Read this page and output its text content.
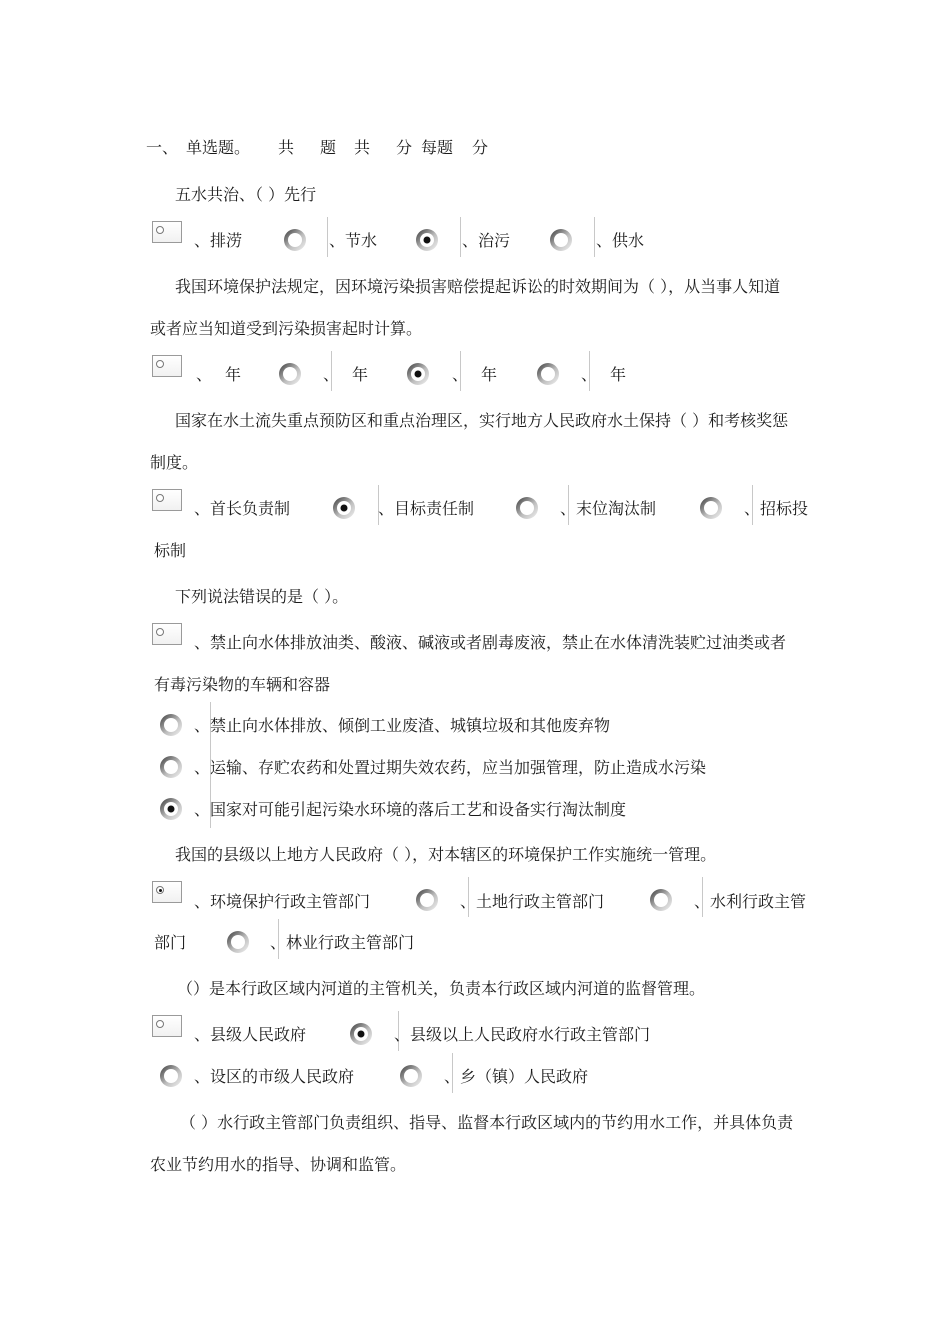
一、 单选题。 共 题 共 分 每题 分
五水共治、（ ）先行
、排涝	、节水	、治污	、供水
我国环境保护法规定，因环境污染损害赔偿提起诉讼的时效期间为（ ），从当事人知道
或者应当知道受到污染损害起时计算。
、 年	、 年	、 年	、 年
国家在水土流失重点预防区和重点治理区，实行地方人民政府水土保持（ ）和考核奖惩
制度。
、首长负责制	、目标责任制	、末位淘汰制	、招标投
标制
下列说法错误的是（ ）。
、禁止向水体排放油类、酸液、碱液或者剧毒废液，禁止在水体清洗装贮过油类或者
有毒污染物的车辆和容器
、禁止向水体排放、倾倒工业废渣、城镇垃圾和其他废弃物
、运输、存贮农药和处置过期失效农药，应当加强管理，防止造成水污染
、国家对可能引起污染水环境的落后工艺和设备实行淘汰制度
我国的县级以上地方人民政府（ ），对本辖区的环境保护工作实施统一管理。
、环境保护行政主管部门	、土地行政主管部门	、水利行政主管
部门	、林业行政主管部门
（）是本行政区域内河道的主管机关，负责本行政区域内河道的监督管理。
、县级人民政府	、县级以上人民政府水行政主管部门
、设区的市级人民政府	、乡（镇）人民政府
（ ）水行政主管部门负责组织、指导、监督本行政区域内的节约用水工作，并具体负责
农业节约用水的指导、协调和监管。
